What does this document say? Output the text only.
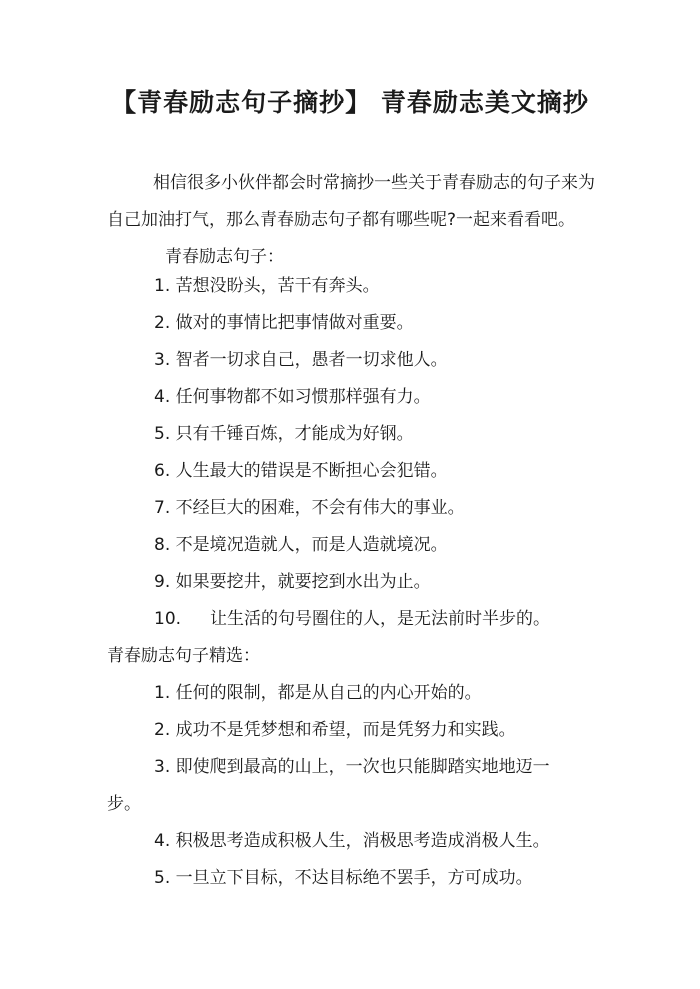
【青春励志句子摘抄】 青春励志美文摘抄
相信很多小伙伴都会时常摘抄一些关于青春励志的句子来为自己加油打气，那么青春励志句子都有哪些呢?一起来看看吧。青春励志句子：
1. 苦想没盼头，苦干有奔头。
2. 做对的事情比把事情做对重要。
3. 智者一切求自己，愚者一切求他人。
4. 任何事物都不如习惯那样强有力。
5. 只有千锤百炼，才能成为好钢。
6. 人生最大的错误是不断担心会犯错。
7. 不经巨大的困难，不会有伟大的事业。
8. 不是境况造就人，而是人造就境况。
9. 如果要挖井，就要挖到水出为止。
10. 让生活的句号圈住的人，是无法前时半步的。
青春励志句子精选：
1. 任何的限制，都是从自己的内心开始的。
2. 成功不是凭梦想和希望，而是凭努力和实践。
3. 即使爬到最高的山上，一次也只能脚踏实地地迈一
步。
4. 积极思考造成积极人生，消极思考造成消极人生。
5. 一旦立下目标，不达目标绝不罢手，方可成功。
